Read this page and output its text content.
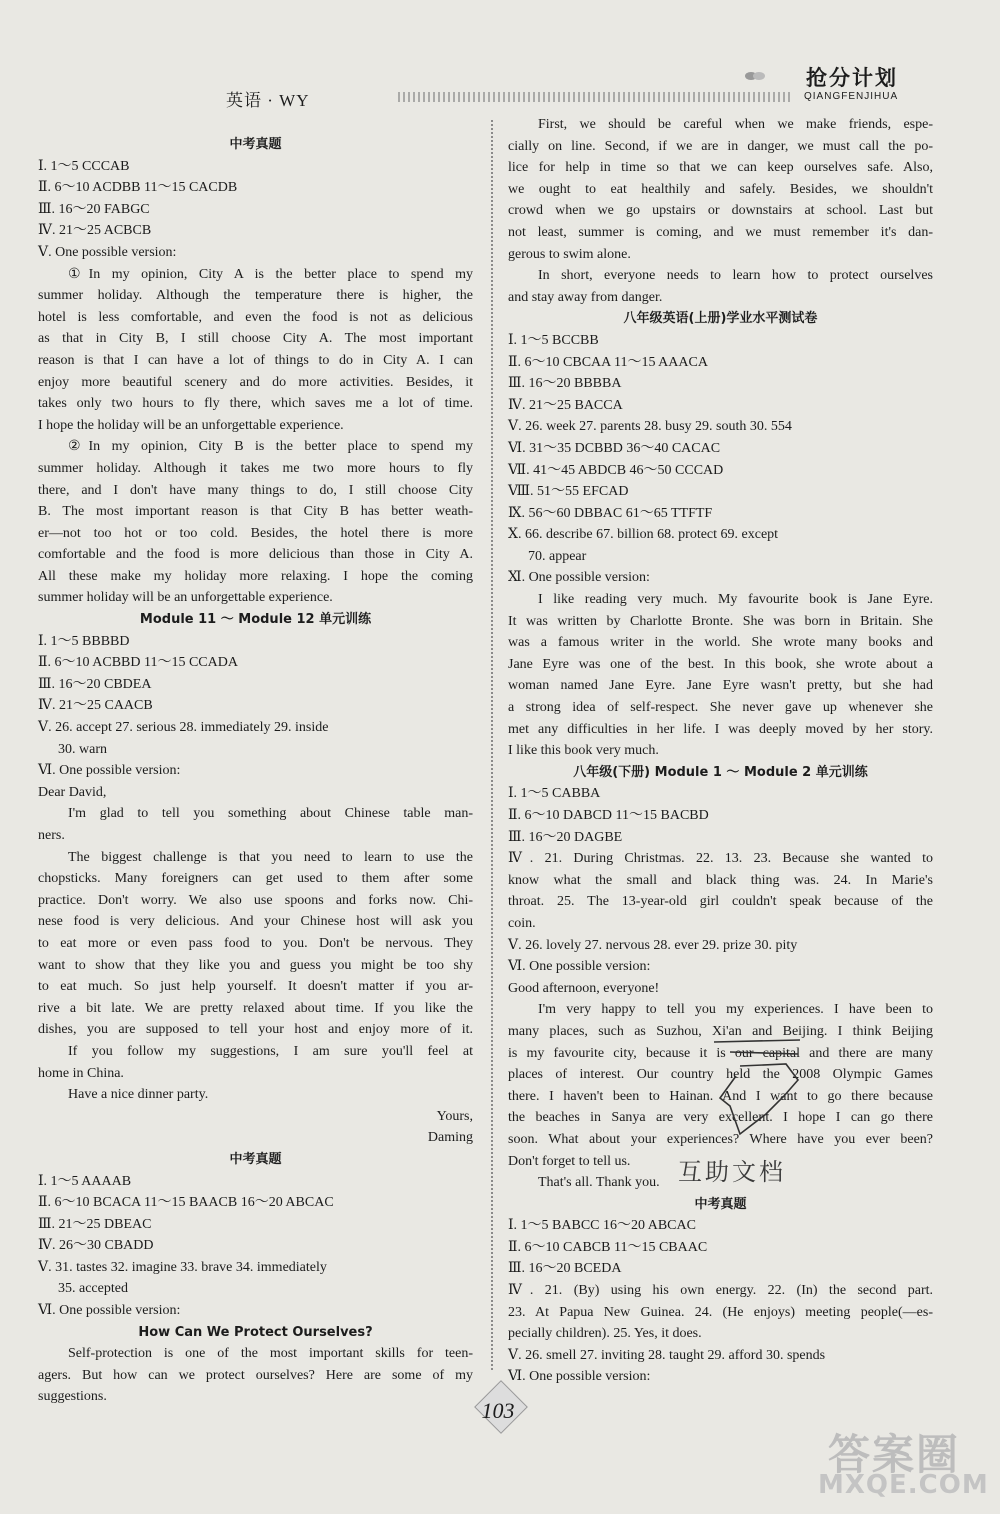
英语 · WY
抢分计划
QIANGFENJIHUA
中考真题
Ⅰ. 1～5 CCCAB
Ⅱ. 6～10 ACDBB 11～15 CACDB
Ⅲ. 16～20 FABGC
Ⅳ. 21～25 ACBCB
Ⅴ. One possible version:
①In my opinion, City A is the better place to spend my
summer holiday. Although the temperature there is higher, the
hotel is less comfortable, and even the food is not as delicious
as that in City B, I still choose City A. The most important
reason is that I can have a lot of things to do in City A. I can
enjoy more beautiful scenery and do more activities. Besides, it
takes only two hours to fly there, which saves me a lot of time.
I hope the holiday will be an unforgettable experience.
②In my opinion, City B is the better place to spend my
summer holiday. Although it takes me two more hours to fly
there, and I don't have many things to do, I still choose City
B. The most important reason is that City B has better weath-
er—not too hot or too cold. Besides, the hotel there is more
comfortable and the food is more delicious than those in City A.
All these make my holiday more relaxing. I hope the coming
summer holiday will be an unforgettable experience.
Module 11 ～ Module 12 单元训练
Ⅰ. 1～5 BBBBD
Ⅱ. 6～10 ACBBD 11～15 CCADA
Ⅲ. 16～20 CBDEA
Ⅳ. 21～25 CAACB
Ⅴ. 26. accept 27. serious 28. immediately 29. inside
30. warn
Ⅵ. One possible version:
Dear David,
I'm glad to tell you something about Chinese table man-
ners.
The biggest challenge is that you need to learn to use the
chopsticks. Many foreigners can get used to them after some
practice. Don't worry. We also use spoons and forks now. Chi-
nese food is very delicious. And your Chinese host will ask you
to eat more or even pass food to you. Don't be nervous. They
want to show that they like you and guess you might be too shy
to eat much. So just help yourself. It doesn't matter if you ar-
rive a bit late. We are pretty relaxed about time. If you like the
dishes, you are supposed to tell your host and enjoy more of it.
If you follow my suggestions, I am sure you'll feel at
home in China.
Have a nice dinner party.
Yours,
Daming
中考真题
Ⅰ. 1～5 AAAAB
Ⅱ. 6～10 BCACA 11～15 BAACB 16～20 ABCAC
Ⅲ. 21～25 DBEAC
Ⅳ. 26～30 CBADD
Ⅴ. 31. tastes 32. imagine 33. brave 34. immediately
35. accepted
Ⅵ. One possible version:
How Can We Protect Ourselves?
Self-protection is one of the most important skills for teen-
agers. But how can we protect ourselves? Here are some of my
suggestions.
First, we should be careful when we make friends, espe-
cially on line. Second, if we are in danger, we must call the po-
lice for help in time so that we can keep ourselves safe. Also,
we ought to eat healthily and safely. Besides, we shouldn't
crowd when we go upstairs or downstairs at school. Last but
not least, summer is coming, and we must remember it's dan-
gerous to swim alone.
In short, everyone needs to learn how to protect ourselves
and stay away from danger.
八年级英语(上册)学业水平测试卷
Ⅰ. 1～5 BCCBB
Ⅱ. 6～10 CBCAA 11～15 AAACA
Ⅲ. 16～20 BBBBA
Ⅳ. 21～25 BACCA
Ⅴ. 26. week 27. parents 28. busy 29. south 30. 554
Ⅵ. 31～35 DCBBD 36～40 CACAC
Ⅶ. 41～45 ABDCB 46～50 CCCAD
Ⅷ. 51～55 EFCAD
Ⅸ. 56～60 DBBAC 61～65 TTFTF
Ⅹ. 66. describe 67. billion 68. protect 69. except
70. appear
Ⅺ. One possible version:
I like reading very much. My favourite book is Jane Eyre.
It was written by Charlotte Bronte. She was born in Britain. She
was a famous writer in the world. She wrote many books and
Jane Eyre was one of the best. In this book, she wrote about a
woman named Jane Eyre. Jane Eyre wasn't pretty, but she had
a strong idea of self-respect. She never gave up whenever she
met any difficulties in her life. I was deeply moved by her story.
I like this book very much.
八年级(下册) Module 1 ～ Module 2 单元训练
Ⅰ. 1～5 CABBA
Ⅱ. 6～10 DABCD 11～15 BACBD
Ⅲ. 16～20 DAGBE
Ⅳ. 21. During Christmas. 22. 13. 23. Because she wanted to
know what the small and black thing was. 24. In Marie's
throat. 25. The 13-year-old girl couldn't speak because of the
coin.
Ⅴ. 26. lovely 27. nervous 28. ever 29. prize 30. pity
Ⅵ. One possible version:
Good afternoon, everyone!
I'm very happy to tell you my experiences. I have been to
many places, such as Suzhou, Xi'an and Beijing. I think Beijing
is my favourite city, because it is our capital and there are many
places of interest. Our country held the 2008 Olympic Games
there. I haven't been to Hainan. And I want to go there because
the beaches in Sanya are very excellent. I hope I can go there
soon. What about your experiences? Where have you ever been?
Don't forget to tell us.
That's all. Thank you.
中考真题
Ⅰ. 1～5 BABCC 16～20 ABCAC
Ⅱ. 6～10 CABCB 11～15 CBAAC
Ⅲ. 16～20 BCEDA
Ⅳ. 21. (By) using his own energy. 22. (In) the second part.
23. At Papua New Guinea. 24. (He enjoys) meeting people(—es-
pecially children). 25. Yes, it does.
Ⅴ. 26. smell 27. inviting 28. taught 29. afford 30. spends
Ⅵ. One possible version:
互助文档
103
答案圈
MXQE.COM
